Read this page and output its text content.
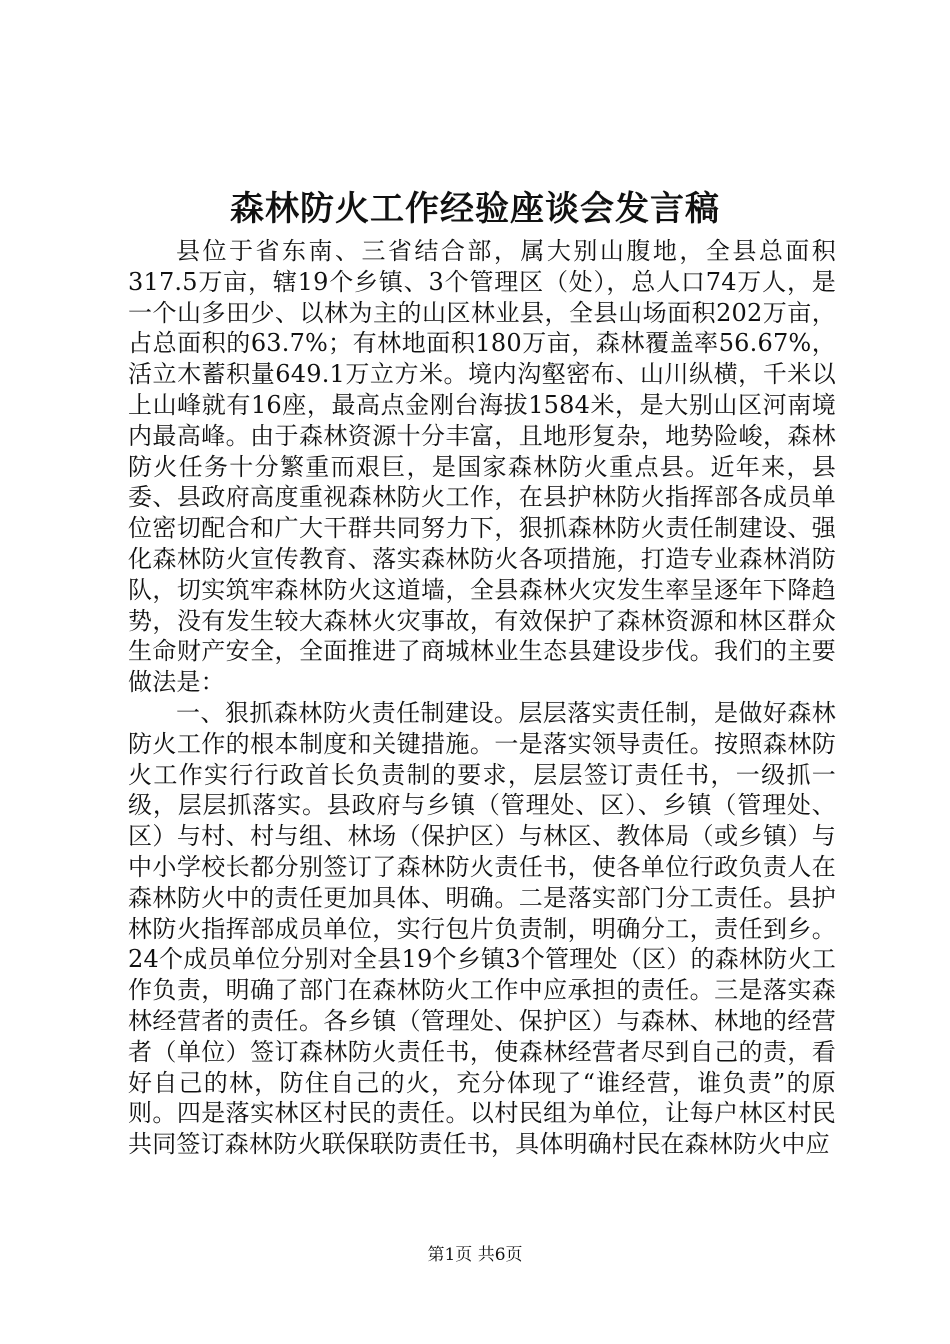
森林防火工作经验座谈会发言稿

县位于省东南、三省结合部，属大别山腹地，全县总面积317.5万亩，辖19个乡镇、3个管理区（处），总人口74万人，是一个山多田少、以林为主的山区林业县，全县山场面积202万亩，占总面积的63.7%；有林地面积180万亩，森林覆盖率56.67%，活立木蓄积量649.1万立方米。境内沟壑密布、山川纵横，千米以上山峰就有16座，最高点金刚台海拔1584米，是大别山区河南境内最高峰。由于森林资源十分丰富，且地形复杂，地势险峻，森林防火任务十分繁重而艰巨，是国家森林防火重点县。近年来，县委、县政府高度重视森林防火工作，在县护林防火指挥部各成员单位密切配合和广大干群共同努力下，狠抓森林防火责任制建设、强化森林防火宣传教育、落实森林防火各项措施，打造专业森林消防队，切实筑牢森林防火这道墙，全县森林火灾发生率呈逐年下降趋势，没有发生较大森林火灾事故，有效保护了森林资源和林区群众生命财产安全，全面推进了商城林业生态县建设步伐。我们的主要做法是：

一、狠抓森林防火责任制建设。层层落实责任制，是做好森林防火工作的根本制度和关键措施。一是落实领导责任。按照森林防火工作实行行政首长负责制的要求，层层签订责任书，一级抓一级，层层抓落实。县政府与乡镇（管理处、区）、乡镇（管理处、区）与村、村与组、林场（保护区）与林区、教体局（或乡镇）与中小学校长都分别签订了森林防火责任书，使各单位行政负责人在森林防火中的责任更加具体、明确。二是落实部门分工责任。县护林防火指挥部成员单位，实行包片负责制，明确分工，责任到乡。24个成员单位分别对全县19个乡镇3个管理处（区）的森林防火工作负责，明确了部门在森林防火工作中应承担的责任。三是落实森林经营者的责任。各乡镇（管理处、保护区）与森林、林地的经营者（单位）签订森林防火责任书，使森林经营者尽到自己的责，看好自己的林，防住自己的火，充分体现了“谁经营，谁负责”的原则。四是落实林区村民的责任。以村民组为单位，让每户林区村民共同签订森林防火联保联防责任书，具体明确村民在森林防火中应

第1页 共6页
